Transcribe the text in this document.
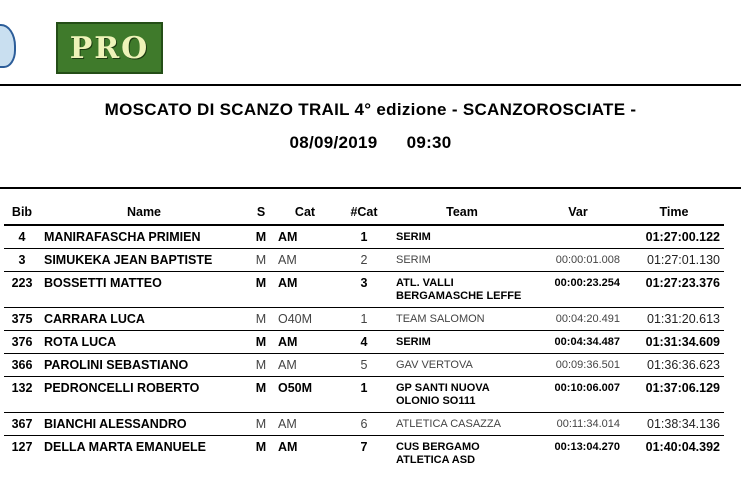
PRO
MOSCATO DI SCANZO TRAIL 4° edizione - SCANZOROSCIATE -
08/09/2019 09:30
Bib	Name	S	Cat	#Cat	Team	Var	Time
4	MANIRAFASCHA PRIMIEN	M	AM	1	SERIM		01:27:00.122
3	SIMUKEKA JEAN BAPTISTE	M	AM	2	SERIM	00:00:01.008	01:27:01.130
223	BOSSETTI MATTEO	M	AM	3	ATL. VALLI BERGAMASCHE LEFFE	00:00:23.254	01:27:23.376
375	CARRARA LUCA	M	O40M	1	TEAM SALOMON	00:04:20.491	01:31:20.613
376	ROTA LUCA	M	AM	4	SERIM	00:04:34.487	01:31:34.609
366	PAROLINI SEBASTIANO	M	AM	5	GAV VERTOVA	00:09:36.501	01:36:36.623
132	PEDRONCELLI ROBERTO	M	O50M	1	GP SANTI NUOVA OLONIO SO111	00:10:06.007	01:37:06.129
367	BIANCHI ALESSANDRO	M	AM	6	ATLETICA CASAZZA	00:11:34.014	01:38:34.136
127	DELLA MARTA EMANUELE	M	AM	7	CUS BERGAMO ATLETICA ASD	00:13:04.270	01:40:04.392
